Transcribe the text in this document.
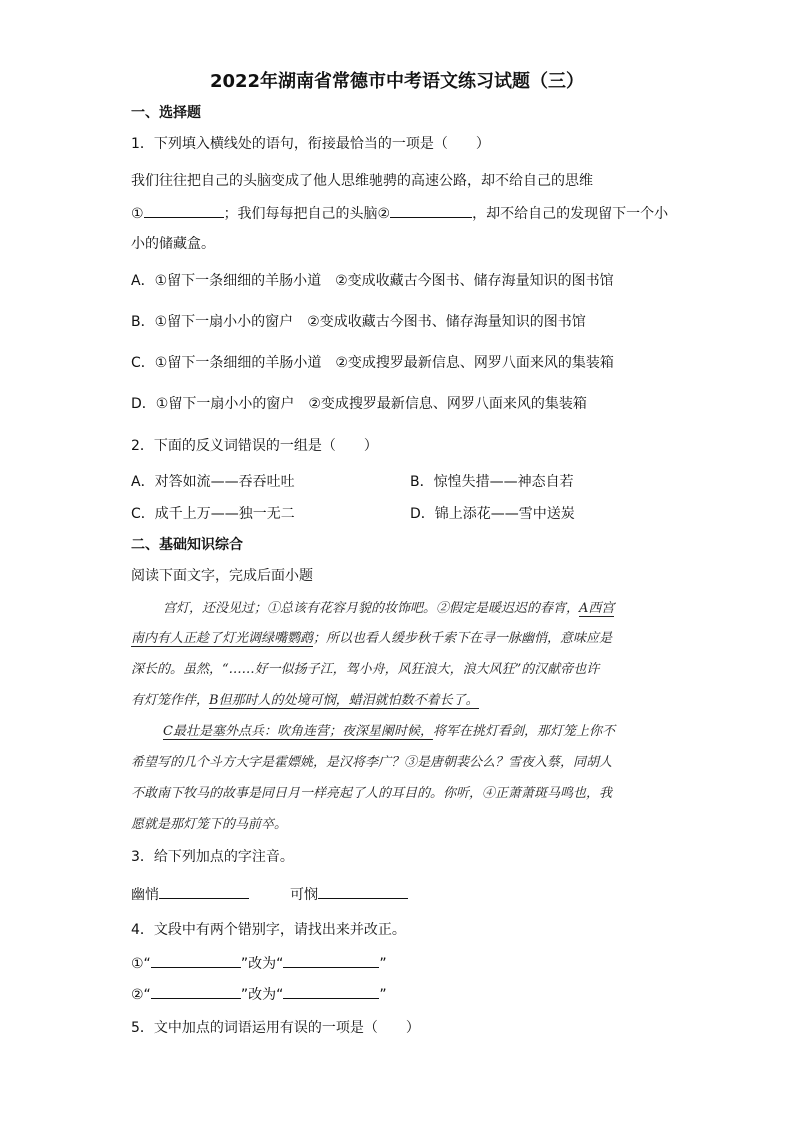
2022年湖南省常德市中考语文练习试题（三）
一、选择题
1．下列填入横线处的语句，衔接最恰当的一项是（　　）
我们往往把自己的头脑变成了他人思维驰骋的高速公路，却不给自己的思维
①	；我们每每把自己的头脑②	，却不给自己的发现留下一个小
小的储藏盒。
A．①留下一条细细的羊肠小道　②变成收藏古今图书、储存海量知识的图书馆
B．①留下一扇小小的窗户　②变成收藏古今图书、储存海量知识的图书馆
C．①留下一条细细的羊肠小道　②变成搜罗最新信息、网罗八面来风的集装箱
D．①留下一扇小小的窗户　②变成搜罗最新信息、网罗八面来风的集装箱
2．下面的反义词错误的一组是（　　）
A．对答如流——吞吞吐吐	B．惊惶失措——神态自若
C．成千上万——独一无二	D．锦上添花——雪中送炭
二、基础知识综合
阅读下面文字，完成后面小题
宫灯，还没见过；①总该有花容月貌的妆饰吧。②假定是暖迟迟的春宵，A西宫
南内有人正趁了灯光调绿嘴鹦鹉；所以也看人缓步秋千索下在寻一脉幽悄，意味应是
深长的。虽然，“……好一似扬子江，驾小舟，风狂浪大，浪大风狂”的汉献帝也许
有灯笼作伴，B但那时人的处境可悯，蜡泪就怕数不着长了。
C最壮是塞外点兵：吹角连营；夜深星阑时候，将军在挑灯看剑，那灯笼上你不
希望写的几个斗方大字是霍嫖姚，是汉将李广？③是唐朝裴公么？雪夜入蔡，同胡人
不敢南下牧马的故事是同日月一样亮起了人的耳目的。你听，④正萧萧斑马鸣也，我
愿就是那灯笼下的马前卒。
3．给下列加点的字注音。
幽悄	可悯
4．文段中有两个错别字，请找出来并改正。
①“	”改为“	”
②“	”改为“	”
5．文中加点的词语运用有误的一项是（　　）
